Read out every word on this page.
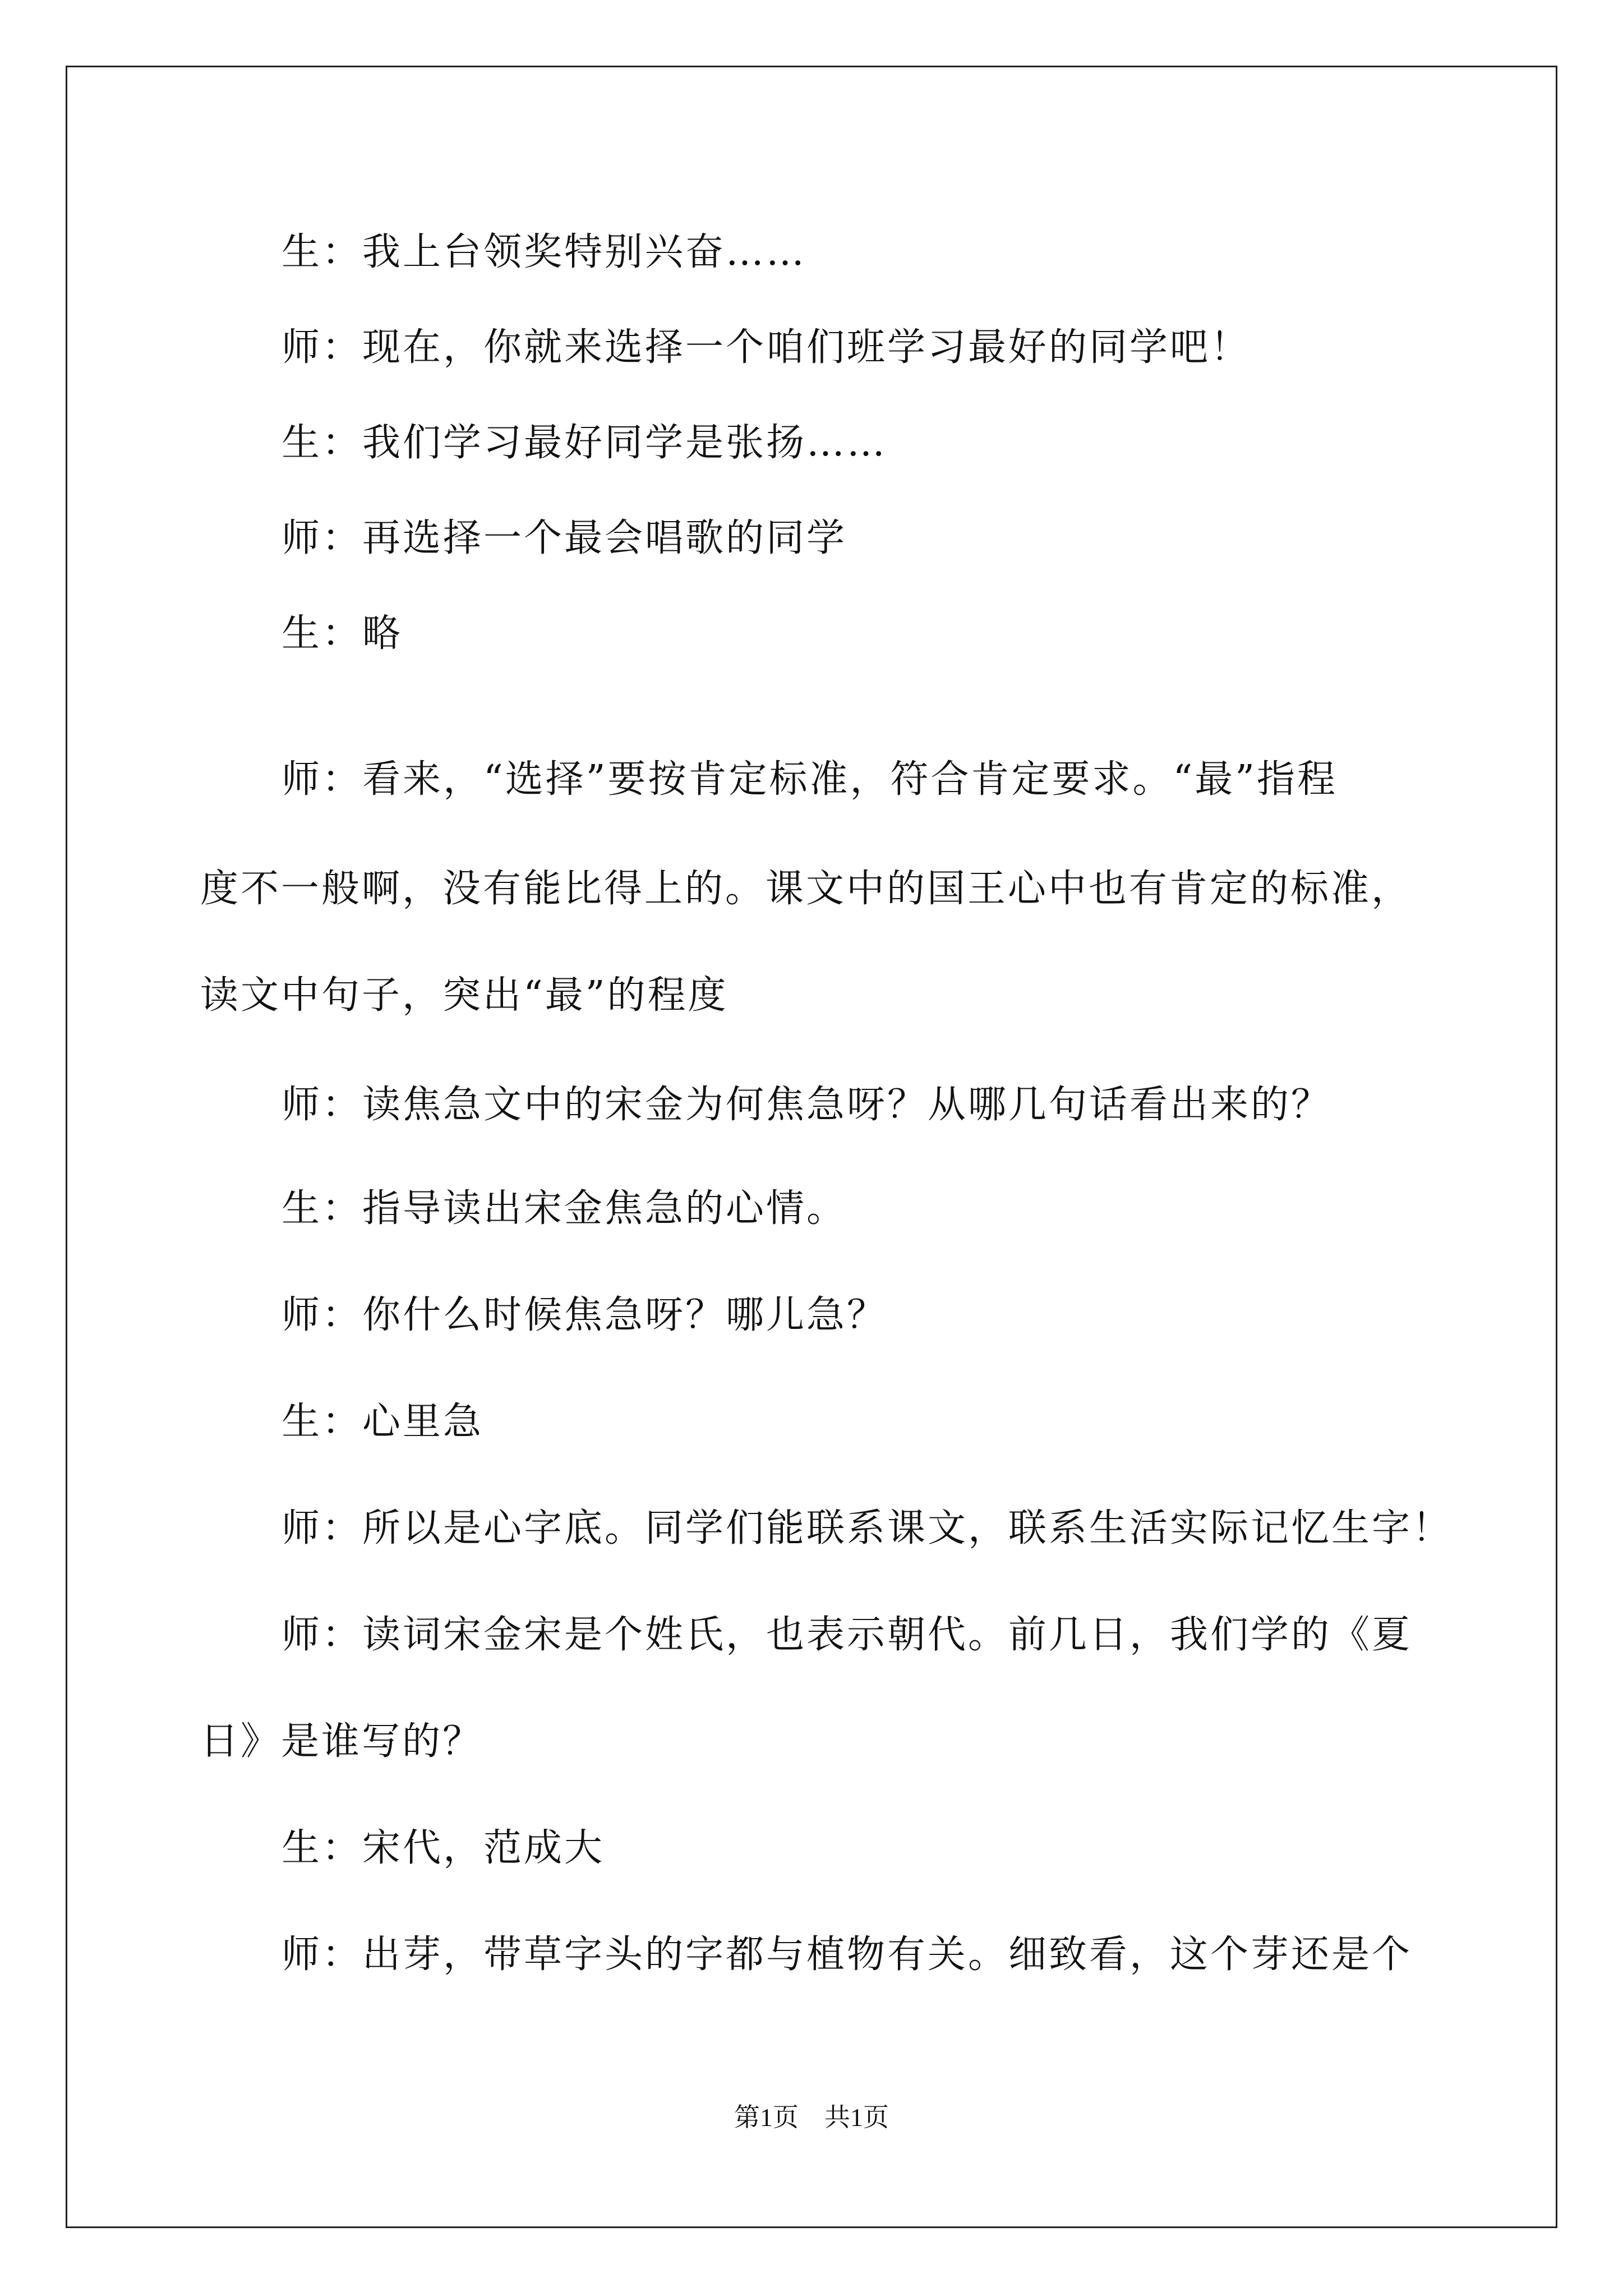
生：我上台领奖特别兴奋……
师：现在，你就来选择一个咱们班学习最好的同学吧！
生：我们学习最好同学是张扬……
师：再选择一个最会唱歌的同学
生：略
师：看来，“选择”要按肯定标准，符合肯定要求。“最”指程
度不一般啊，没有能比得上的。课文中的国王心中也有肯定的标准，
读文中句子，突出“最”的程度
师：读焦急文中的宋金为何焦急呀？从哪几句话看出来的？
生：指导读出宋金焦急的心情。
师：你什么时候焦急呀？哪儿急？
生：心里急
师：所以是心字底。同学们能联系课文，联系生活实际记忆生字！
师：读词宋金宋是个姓氏，也表示朝代。前几日，我们学的《夏
日》是谁写的？
生：宋代，范成大
师：出芽，带草字头的字都与植物有关。细致看，这个芽还是个
第1页　共1页
